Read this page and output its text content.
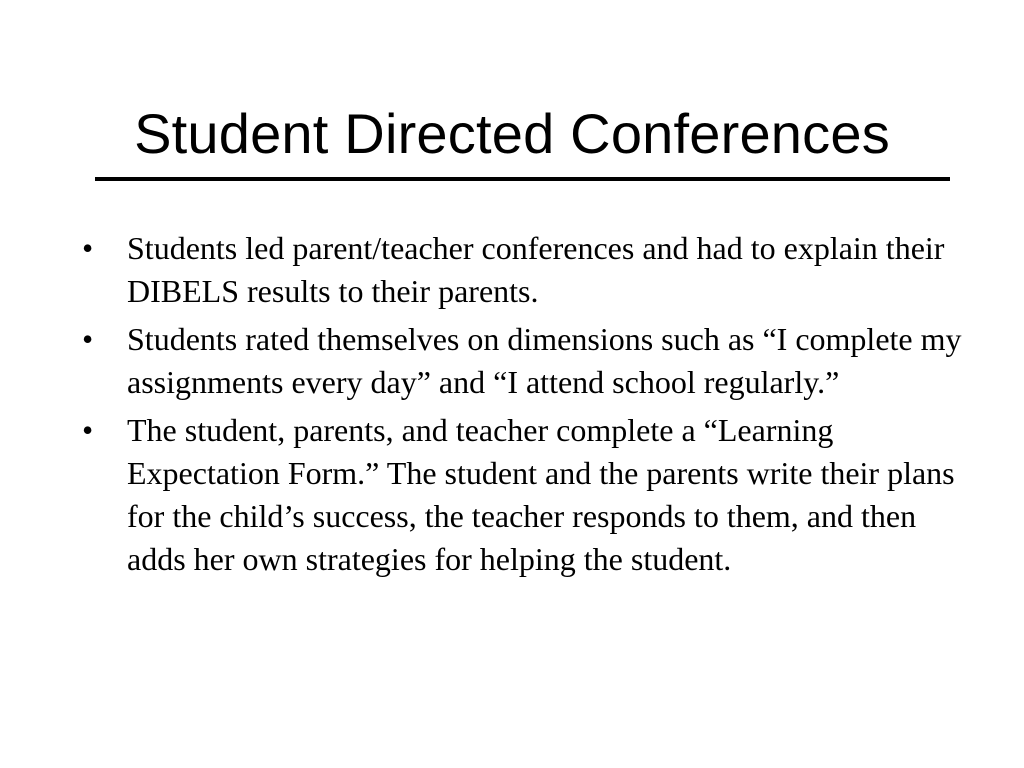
Student Directed Conferences
•	Students led parent/teacher conferences and had to explain their DIBELS results to their parents.
•	Students rated themselves on dimensions such as “I complete my assignments every day” and “I attend school regularly.”
•	The student, parents, and teacher complete a “Learning Expectation Form.” The student and the parents write their plans for the child’s success, the teacher responds to them, and then adds her own strategies for helping the student.
